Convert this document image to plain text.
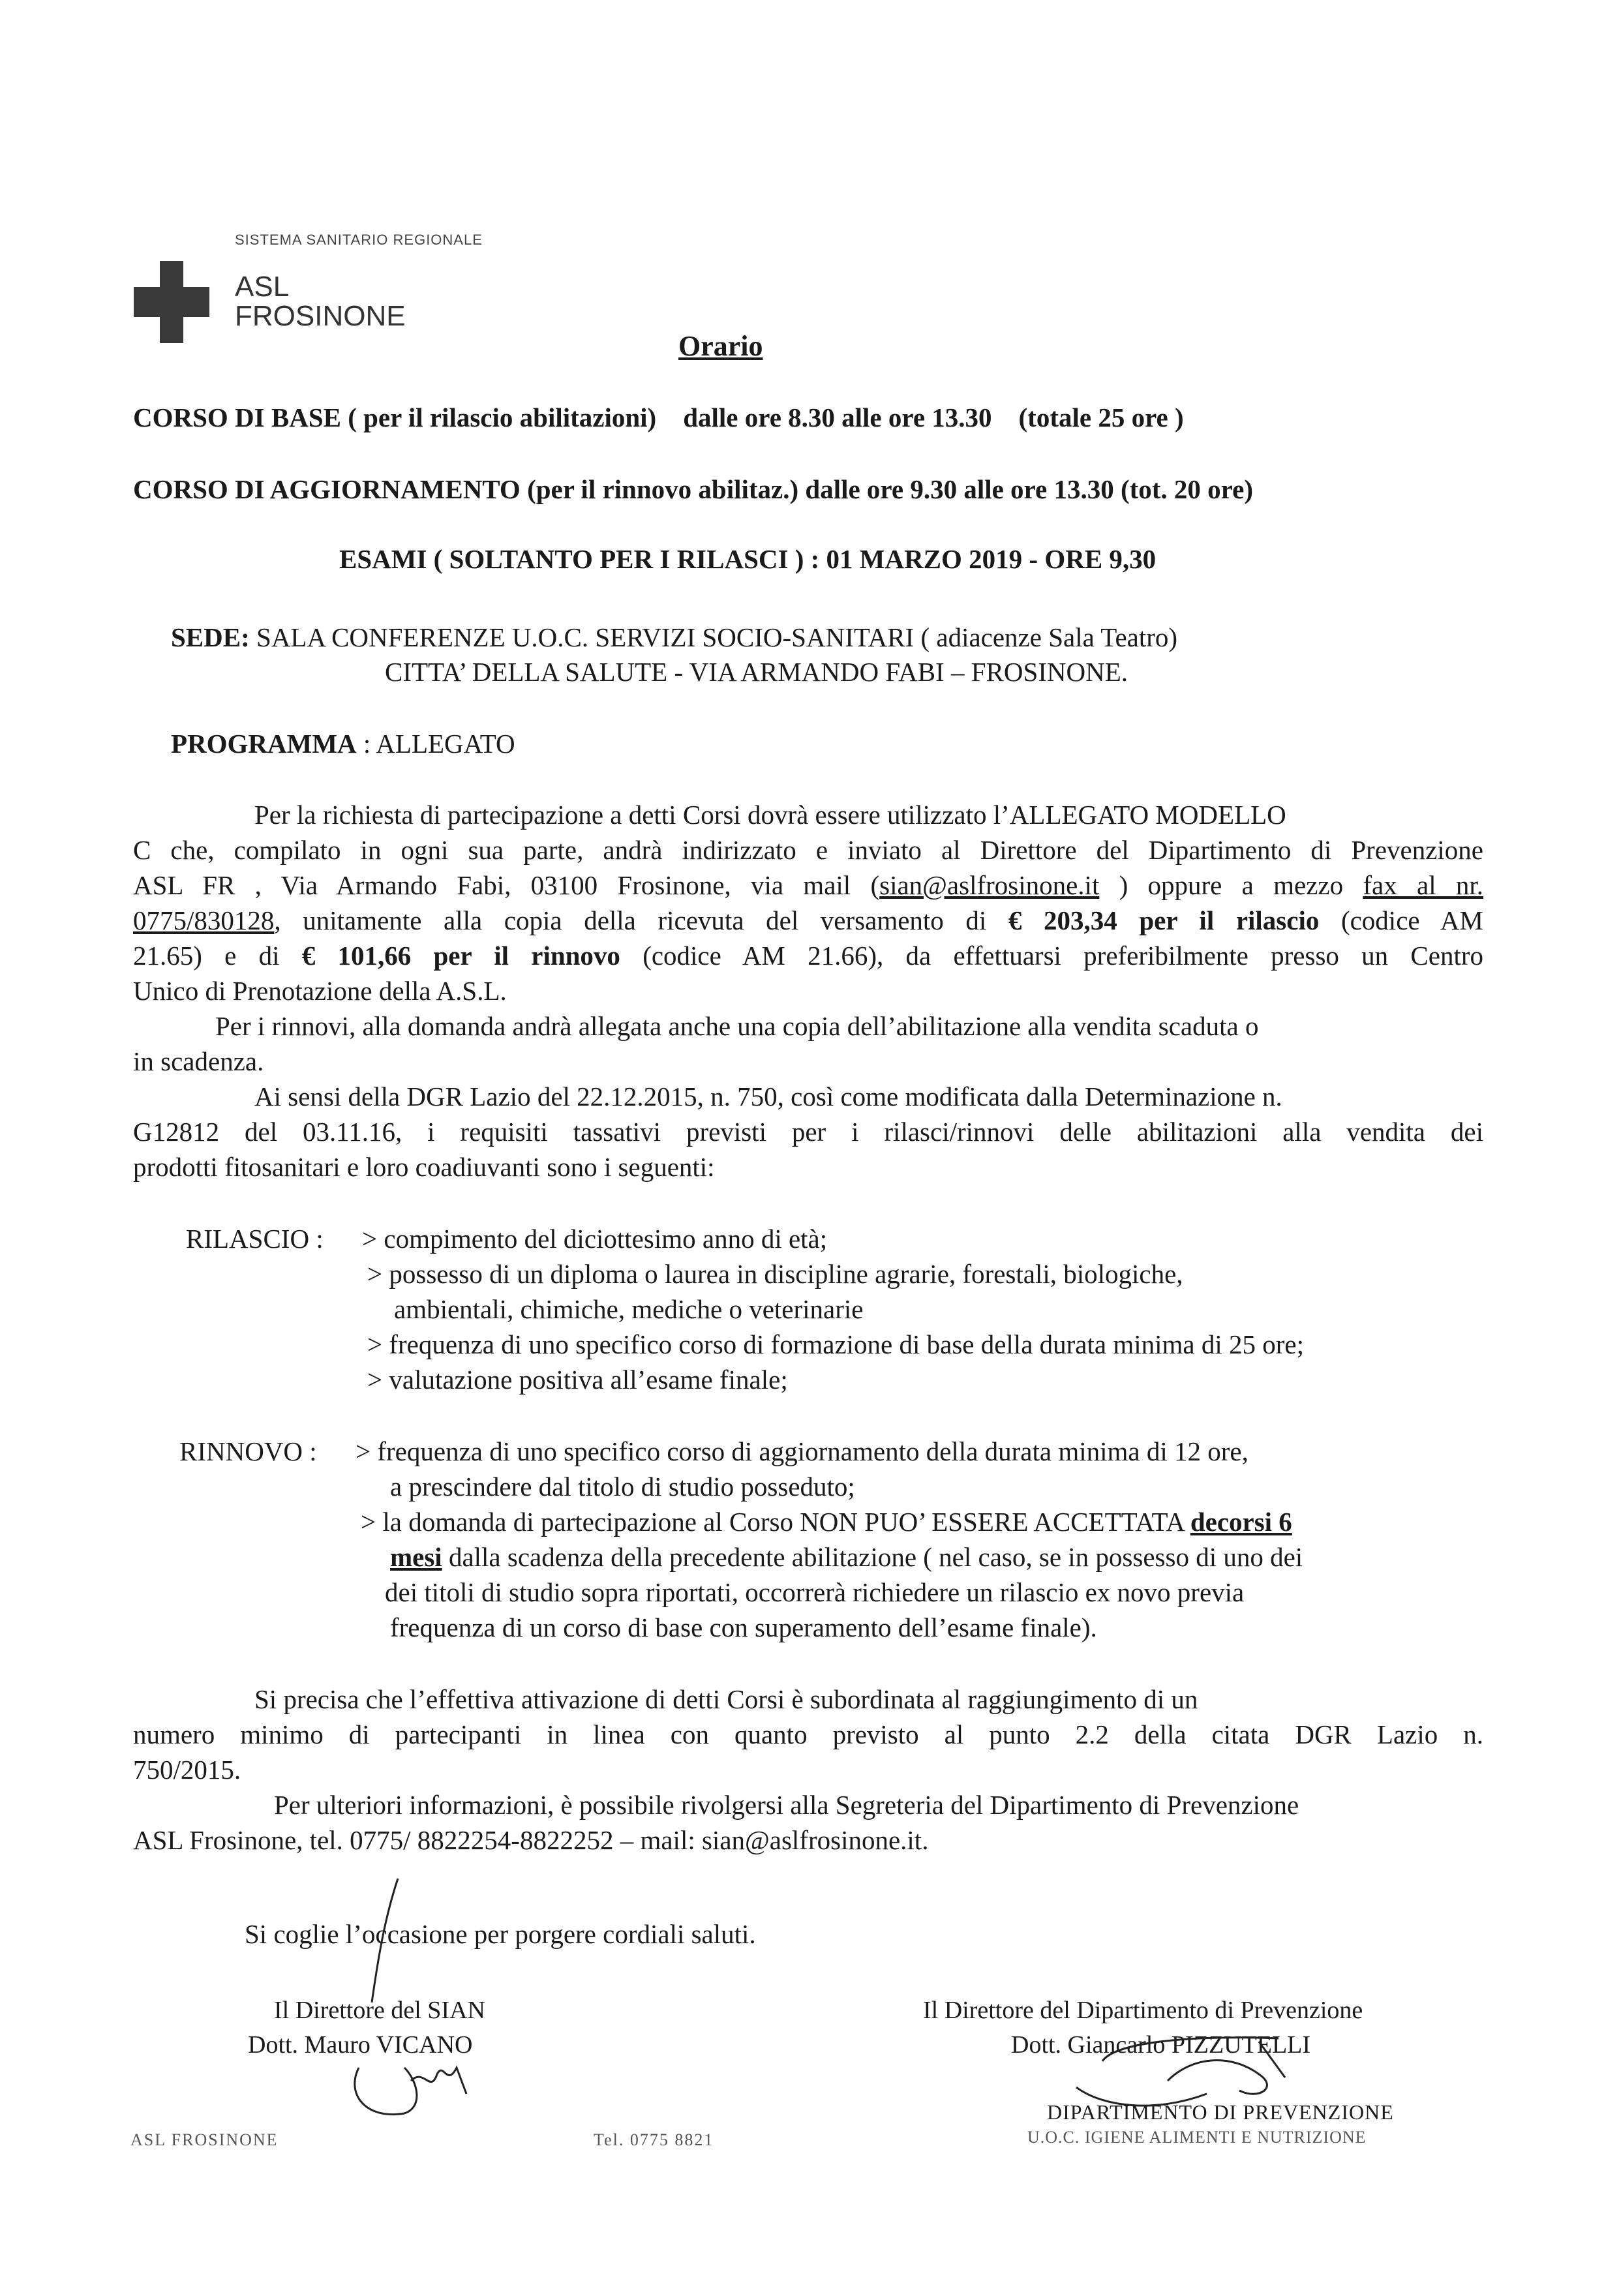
SISTEMA SANITARIO REGIONALE
ASL
FROSINONE
Orario
CORSO DI BASE ( per il rilascio abilitazioni) dalle ore 8.30 alle ore 13.30 (totale 25 ore )
CORSO DI AGGIORNAMENTO (per il rinnovo abilitaz.) dalle ore 9.30 alle ore 13.30 (tot. 20 ore)
ESAMI ( SOLTANTO PER I RILASCI ) : 01 MARZO 2019 - ORE 9,30
SEDE: SALA CONFERENZE U.O.C. SERVIZI SOCIO-SANITARI ( adiacenze Sala Teatro)
CITTA’ DELLA SALUTE - VIA ARMANDO FABI – FROSINONE.
PROGRAMMA : ALLEGATO
Per la richiesta di partecipazione a detti Corsi dovrà essere utilizzato l’ALLEGATO MODELLO
C che, compilato in ogni sua parte, andrà indirizzato e inviato al Direttore del Dipartimento di Prevenzione
ASL FR , Via Armando Fabi, 03100 Frosinone, via mail (sian@aslfrosinone.it ) oppure a mezzo fax al nr.
0775/830128, unitamente alla copia della ricevuta del versamento di € 203,34 per il rilascio (codice AM
21.65) e di € 101,66 per il rinnovo (codice AM 21.66), da effettuarsi preferibilmente presso un Centro
Unico di Prenotazione della A.S.L.
Per i rinnovi, alla domanda andrà allegata anche una copia dell’abilitazione alla vendita scaduta o
in scadenza.
Ai sensi della DGR Lazio del 22.12.2015, n. 750, così come modificata dalla Determinazione n.
G12812 del 03.11.16, i requisiti tassativi previsti per i rilasci/rinnovi delle abilitazioni alla vendita dei
prodotti fitosanitari e loro coadiuvanti sono i seguenti:
RILASCIO : > compimento del diciottesimo anno di età;
> possesso di un diploma o laurea in discipline agrarie, forestali, biologiche,
ambientali, chimiche, mediche o veterinarie
> frequenza di uno specifico corso di formazione di base della durata minima di 25 ore;
> valutazione positiva all’esame finale;
RINNOVO : > frequenza di uno specifico corso di aggiornamento della durata minima di 12 ore,
a prescindere dal titolo di studio posseduto;
> la domanda di partecipazione al Corso NON PUO’ ESSERE ACCETTATA decorsi 6
mesi dalla scadenza della precedente abilitazione ( nel caso, se in possesso di uno dei
dei titoli di studio sopra riportati, occorrerà richiedere un rilascio ex novo previa
frequenza di un corso di base con superamento dell’esame finale).
Si precisa che l’effettiva attivazione di detti Corsi è subordinata al raggiungimento di un
numero minimo di partecipanti in linea con quanto previsto al punto 2.2 della citata DGR Lazio n.
750/2015.
Per ulteriori informazioni, è possibile rivolgersi alla Segreteria del Dipartimento di Prevenzione
ASL Frosinone, tel. 0775/ 8822254-8822252 – mail: sian@aslfrosinone.it.
Si coglie l’occasione per porgere cordiali saluti.
Il Direttore del SIAN
Dott. Mauro VICANO
Il Direttore del Dipartimento di Prevenzione
Dott. Giancarlo PIZZUTELLI
DIPARTIMENTO DI PREVENZIONE
U.O.C. IGIENE ALIMENTI E NUTRIZIONE
ASL FROSINONE	Tel. 0775 8821
